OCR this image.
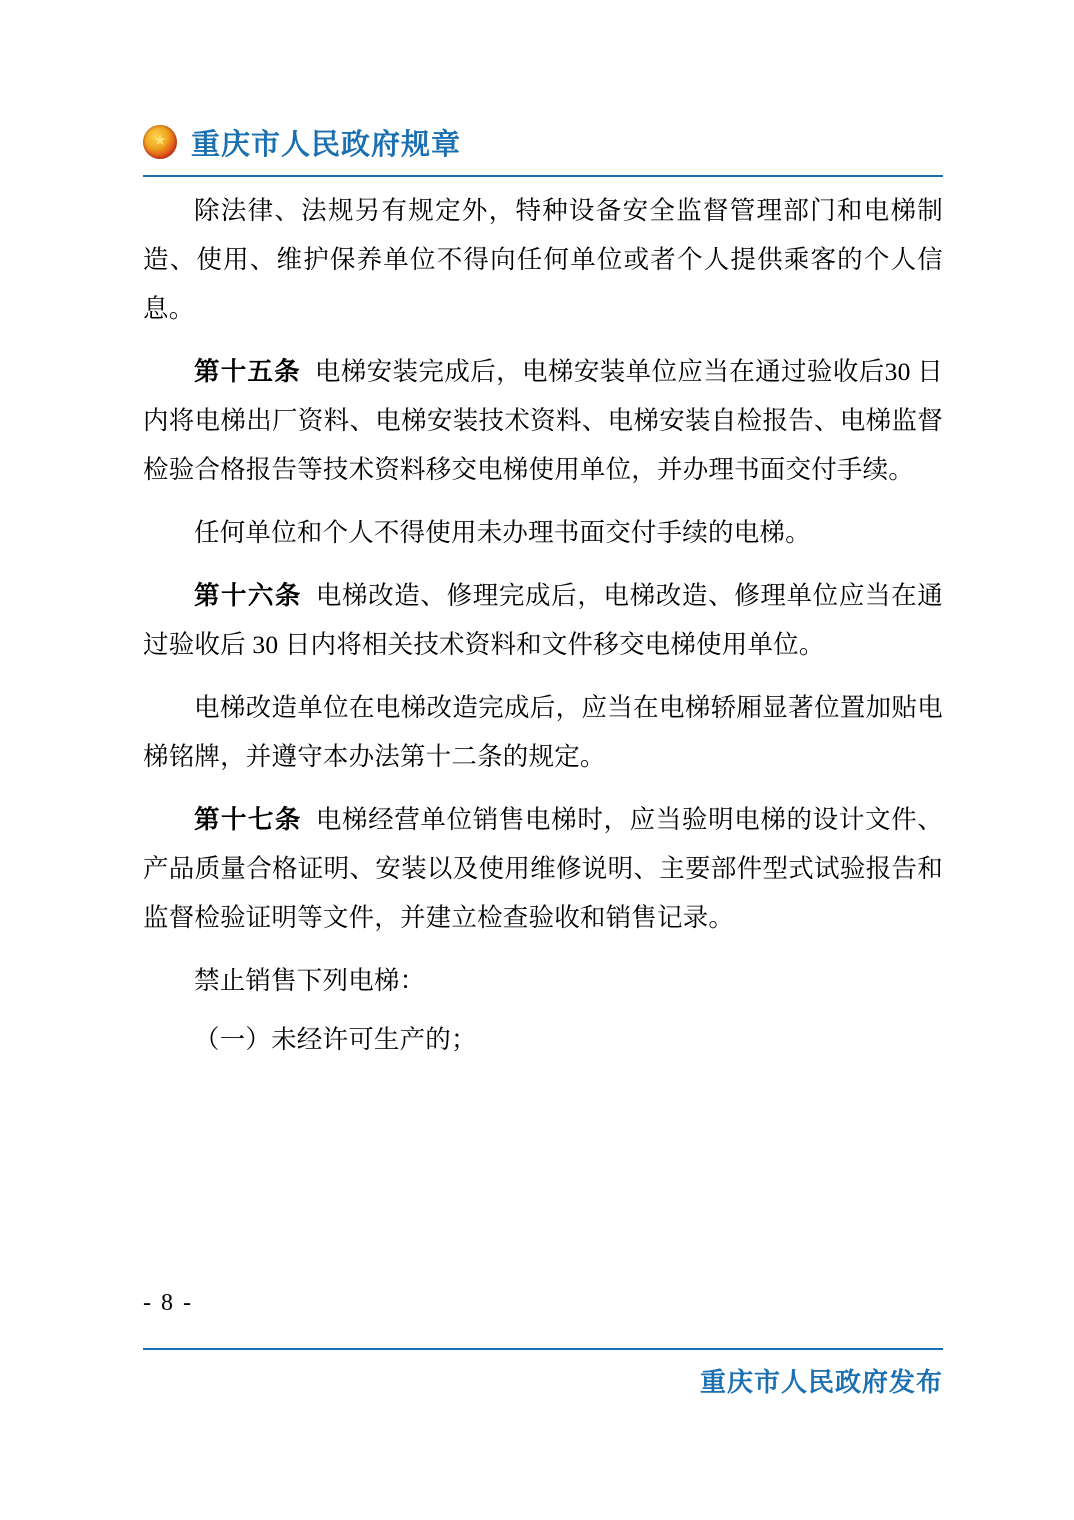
★
重庆市人民政府规章

除法律、法规另有规定外，特种设备安全监督管理部门和电梯制造、使用、维护保养单位不得向任何单位或者个人提供乘客的个人信息。

第十五条 电梯安装完成后，电梯安装单位应当在通过验收后30 日内将电梯出厂资料、电梯安装技术资料、电梯安装自检报告、电梯监督检验合格报告等技术资料移交电梯使用单位，并办理书面交付手续。

任何单位和个人不得使用未办理书面交付手续的电梯。

第十六条 电梯改造、修理完成后，电梯改造、修理单位应当在通过验收后 30 日内将相关技术资料和文件移交电梯使用单位。

电梯改造单位在电梯改造完成后，应当在电梯轿厢显著位置加贴电梯铭牌，并遵守本办法第十二条的规定。

第十七条 电梯经营单位销售电梯时，应当验明电梯的设计文件、产品质量合格证明、安装以及使用维修说明、主要部件型式试验报告和监督检验证明等文件，并建立检查验收和销售记录。

禁止销售下列电梯：

（一）未经许可生产的；

- 8 -
重庆市人民政府发布
